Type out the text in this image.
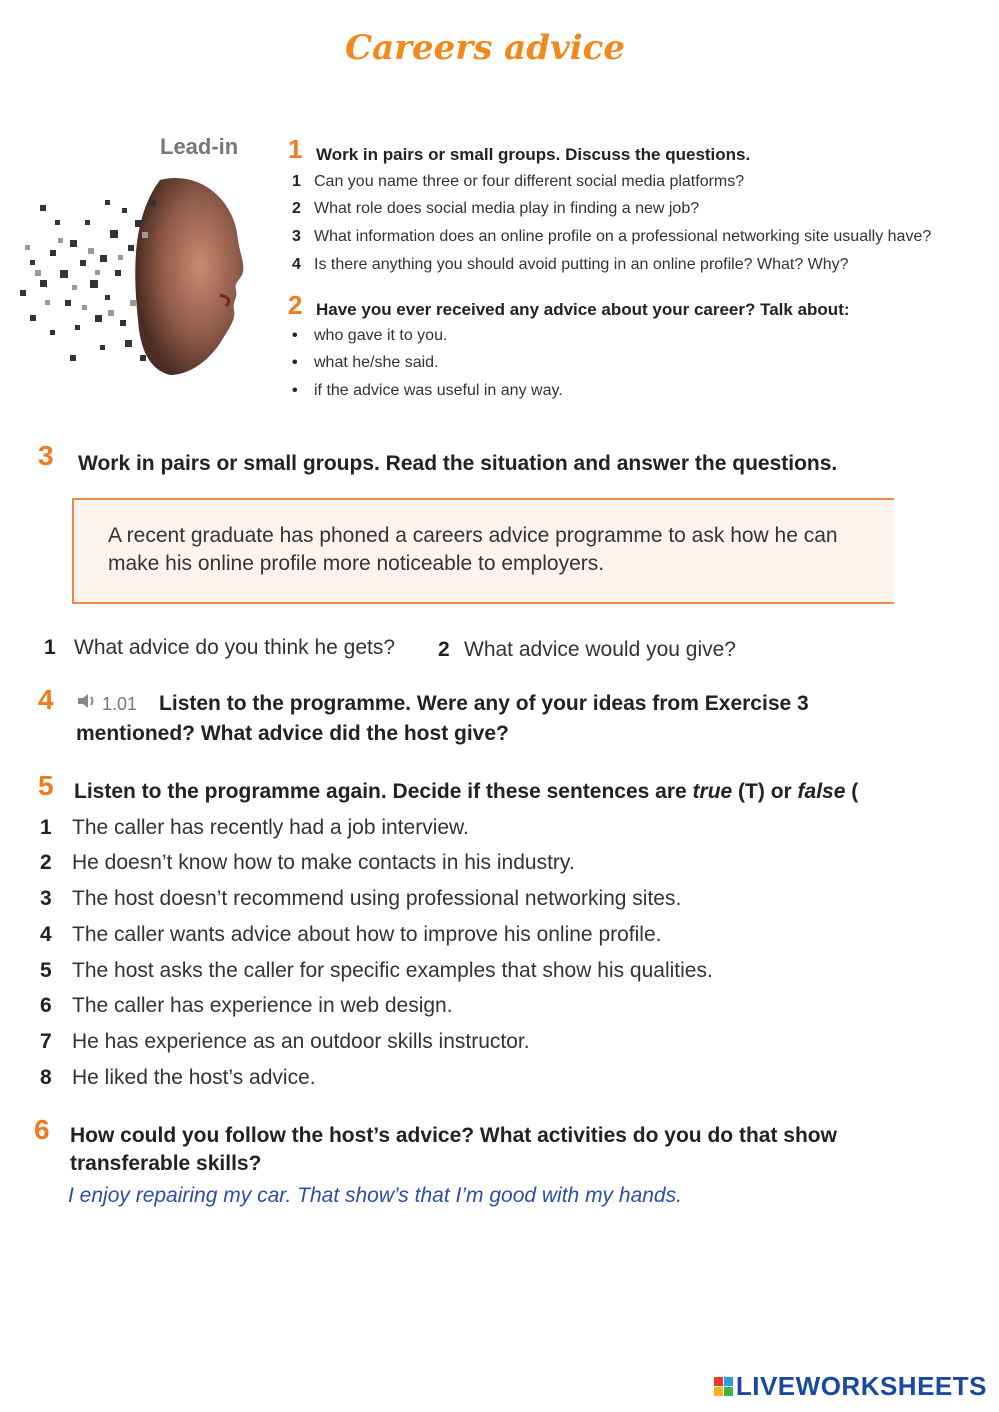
Careers advice
Lead-in 1 Work in pairs or small groups. Discuss the questions.
1 Can you name three or four different social media platforms?
2 What role does social media play in finding a new job?
3 What information does an online profile on a professional networking site usually have?
4 Is there anything you should avoid putting in an online profile? What? Why?
2 Have you ever received any advice about your career? Talk about:
• who gave it to you.
• what he/she said.
• if the advice was useful in any way.
3 Work in pairs or small groups. Read the situation and answer the questions.
A recent graduate has phoned a careers advice programme to ask how he can make his online profile more noticeable to employers.
1 What advice do you think he gets? 2 What advice would you give?
4	1.01 Listen to the programme. Were any of your ideas from Exercise 3
mentioned? What advice did the host give?
5 Listen to the programme again. Decide if these sentences are true (T) or false (
1 The caller has recently had a job interview.
2 He doesn’t know how to make contacts in his industry.
3 The host doesn’t recommend using professional networking sites.
4 The caller wants advice about how to improve his online profile.
5 The host asks the caller for specific examples that show his qualities.
6 The caller has experience in web design.
7 He has experience as an outdoor skills instructor.
8 He liked the host’s advice.
6 How could you follow the host’s advice? What activities do you do that show
transferable skills?
I enjoy repairing my car. That show’s that I’m good with my hands.
LIVEWORKSHEETS
